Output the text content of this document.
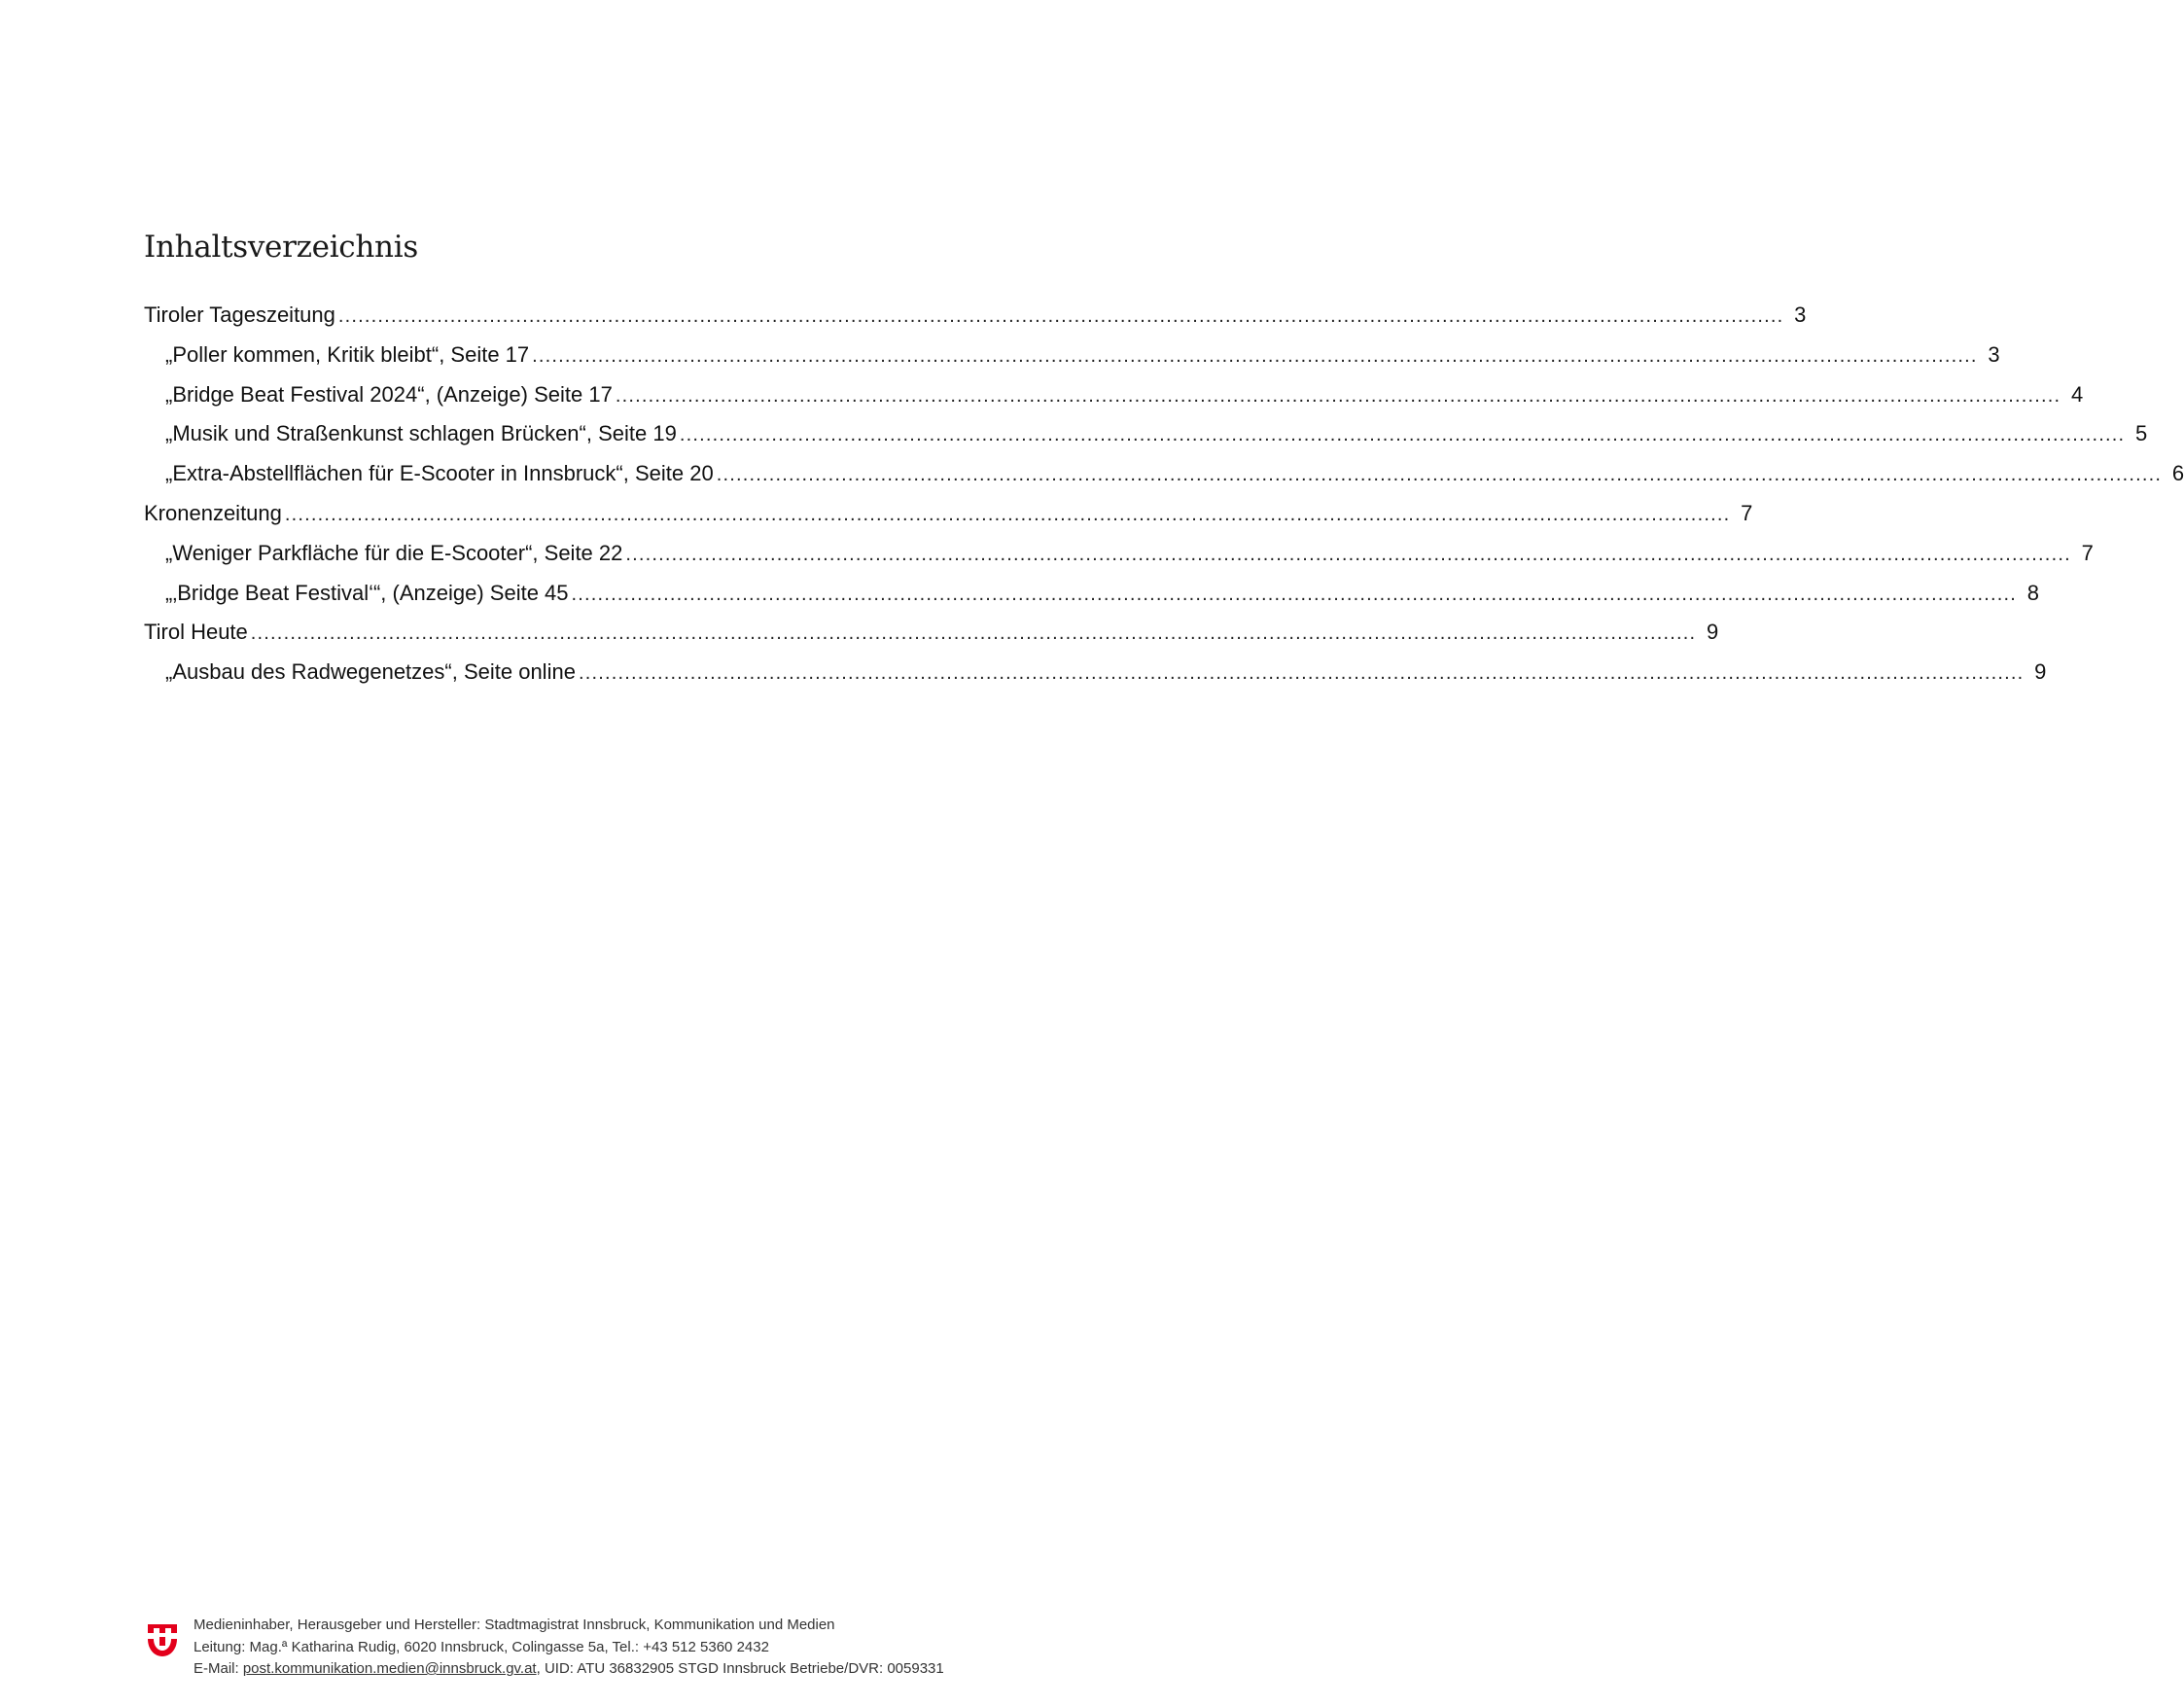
Inhaltsverzeichnis
Tiroler Tageszeitung ............................................................................................................................................................................................................................ 3
„Poller kommen, Kritik bleibt“, Seite 17 ............................................................................................................................................................................................................................ 3
„Bridge Beat Festival 2024“, (Anzeige) Seite 17 ............................................................................................................................................................................................................................ 4
„Musik und Straßenkunst schlagen Brücken“, Seite 19 ............................................................................................................................................................................................................................ 5
„Extra-Abstellflächen für E-Scooter in Innsbruck“, Seite 20 ............................................................................................................................................................................................................................ 6
Kronenzeitung ............................................................................................................................................................................................................................ 7
„Weniger Parkfläche für die E-Scooter“, Seite 22 ............................................................................................................................................................................................................................ 7
„‚Bridge Beat Festival‘“, (Anzeige) Seite 45 ............................................................................................................................................................................................................................ 8
Tirol Heute ............................................................................................................................................................................................................................ 9
„Ausbau des Radwegenetzes“, Seite online ............................................................................................................................................................................................................................ 9
Medieninhaber, Herausgeber und Hersteller: Stadtmagistrat Innsbruck, Kommunikation und Medien
Leitung: Mag.ª Katharina Rudig, 6020 Innsbruck, Colingasse 5a, Tel.: +43 512 5360 2432
E-Mail: post.kommunikation.medien@innsbruck.gv.at, UID: ATU 36832905 STGD Innsbruck Betriebe/DVR: 0059331
